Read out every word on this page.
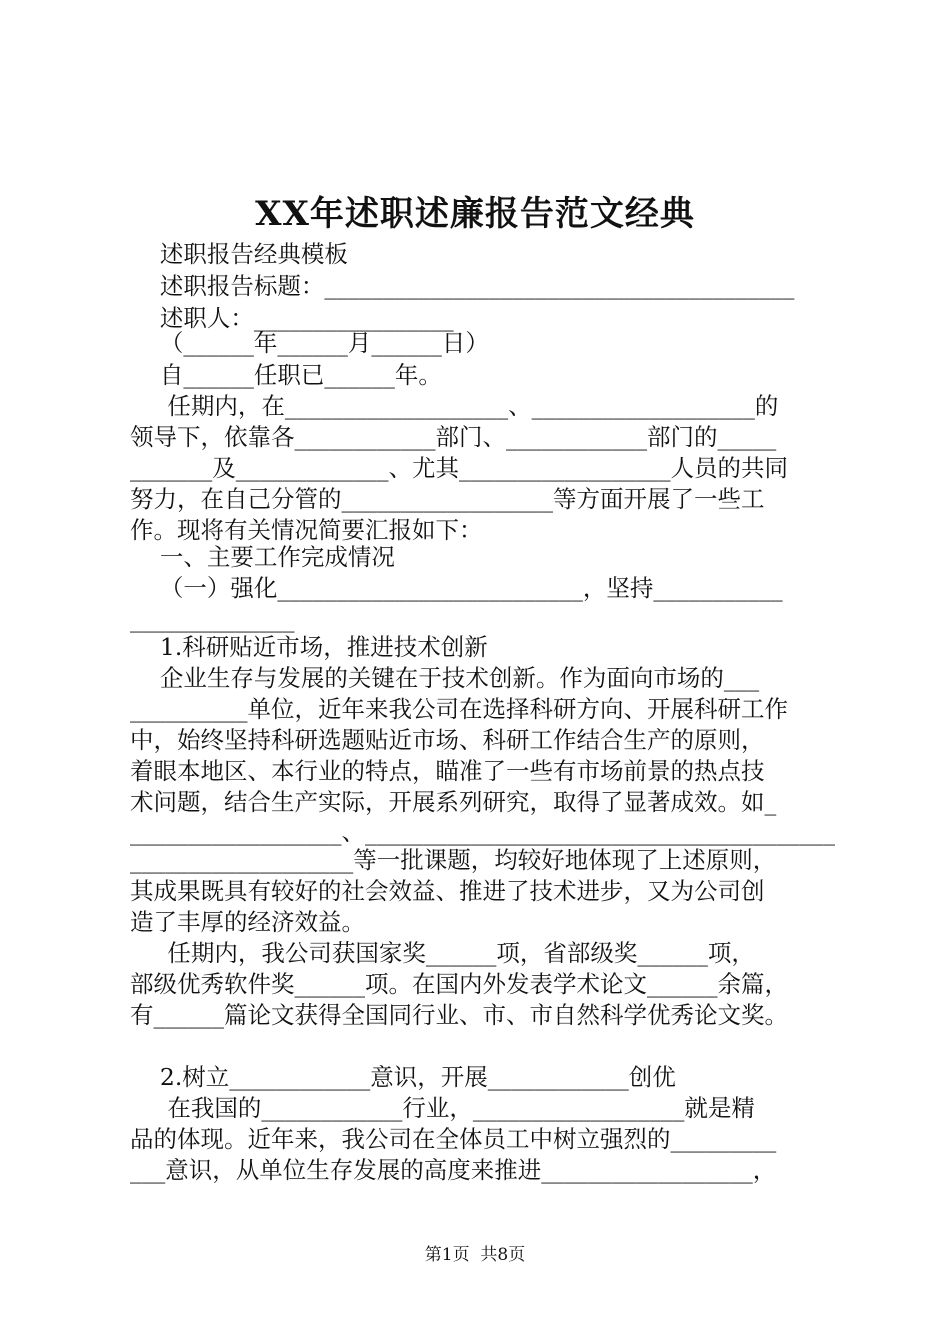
XX年述职述廉报告范文经典
述职报告经典模板
述职报告标题：________________________________________
述职人：_________________
（______年______月______日）
自______任职已______年。
任期内，在___________________、___________________的
领导下，依靠各____________部门、____________部门的_____
_______及_____________、尤其__________________人员的共同
努力，在自己分管的__________________等方面开展了一些工
作。现将有关情况简要汇报如下：
一、主要工作完成情况
（一）强化__________________________，坚持___________
______________
1.科研贴近市场，推进技术创新
企业生存与发展的关键在于技术创新。作为面向市场的___
__________单位，近年来我公司在选择科研方向、开展科研工作
中，始终坚持科研选题贴近市场、科研工作结合生产的原则，
着眼本地区、本行业的特点，瞄准了一些有市场前景的热点技
术问题，结合生产实际，开展系列研究，取得了显著成效。如_
__________________、________________________________________
___________________等一批课题，均较好地体现了上述原则，
其成果既具有较好的社会效益、推进了技术进步，又为公司创
造了丰厚的经济效益。
任期内，我公司获国家奖______项，省部级奖______项，
部级优秀软件奖______项。在国内外发表学术论文______余篇，
有______篇论文获得全国同行业、市、市自然科学优秀论文奖。
2.树立____________意识，开展____________创优
在我国的____________行业，__________________就是精
品的体现。近年来，我公司在全体员工中树立强烈的_________
___意识，从单位生存发展的高度来推进__________________，
第1页  共8页
